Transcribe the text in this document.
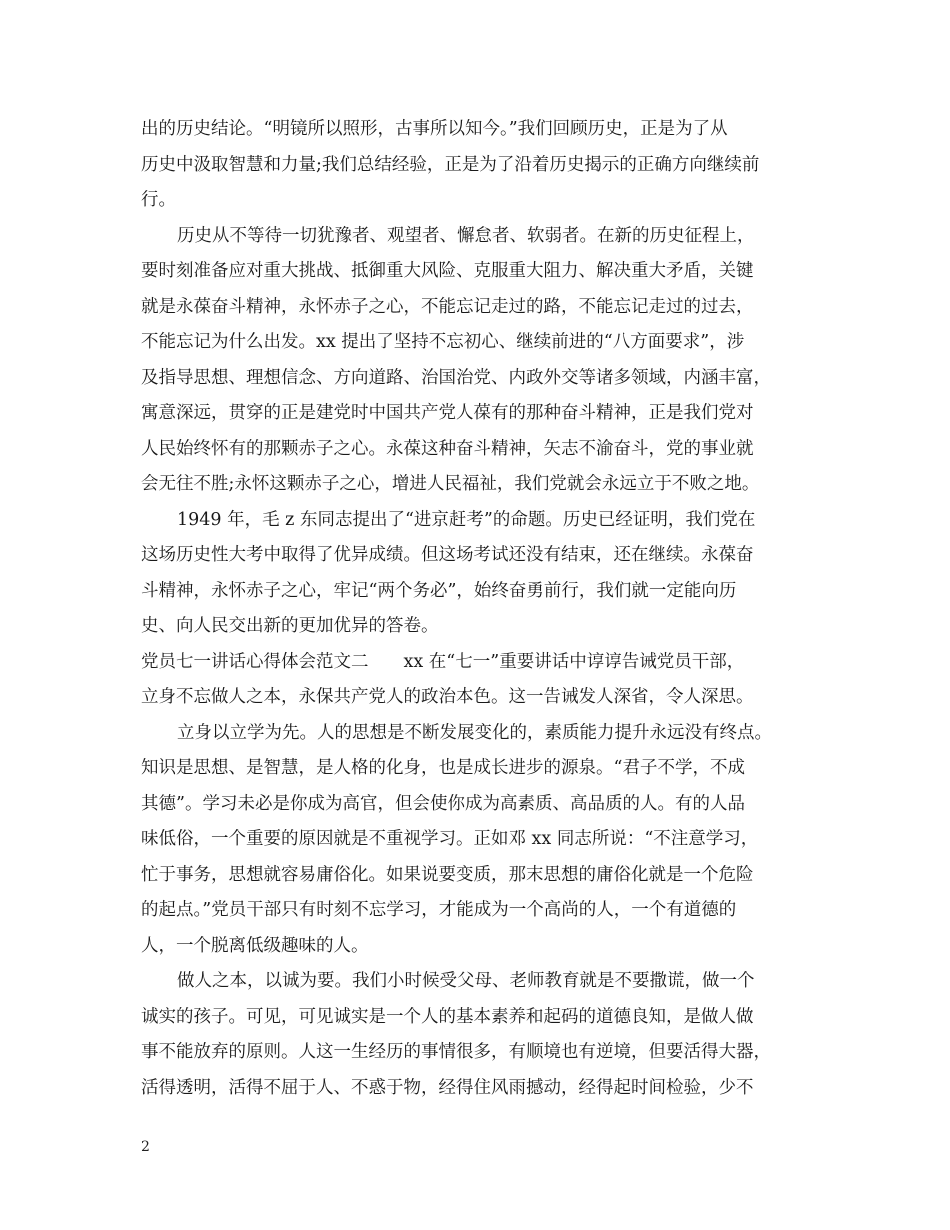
出的历史结论。“明镜所以照形，古事所以知今。”我们回顾历史，正是为了从
历史中汲取智慧和力量;我们总结经验，正是为了沿着历史揭示的正确方向继续前
行。
历史从不等待一切犹豫者、观望者、懈怠者、软弱者。在新的历史征程上，
要时刻准备应对重大挑战、抵御重大风险、克服重大阻力、解决重大矛盾，关键
就是永葆奋斗精神，永怀赤子之心，不能忘记走过的路，不能忘记走过的过去，
不能忘记为什么出发。xx 提出了坚持不忘初心、继续前进的“八方面要求”，涉
及指导思想、理想信念、方向道路、治国治党、内政外交等诸多领域，内涵丰富，
寓意深远，贯穿的正是建党时中国共产党人葆有的那种奋斗精神，正是我们党对
人民始终怀有的那颗赤子之心。永葆这种奋斗精神，矢志不渝奋斗，党的事业就
会无往不胜;永怀这颗赤子之心，增进人民福祉，我们党就会永远立于不败之地。
1949 年，毛 z 东同志提出了“进京赶考”的命题。历史已经证明，我们党在
这场历史性大考中取得了优异成绩。但这场考试还没有结束，还在继续。永葆奋
斗精神，永怀赤子之心，牢记“两个务必”，始终奋勇前行，我们就一定能向历
史、向人民交出新的更加优异的答卷。
党员七一讲话心得体会范文二　　xx 在“七一”重要讲话中谆谆告诫党员干部，
立身不忘做人之本，永保共产党人的政治本色。这一告诫发人深省，令人深思。
立身以立学为先。人的思想是不断发展变化的，素质能力提升永远没有终点。
知识是思想、是智慧，是人格的化身，也是成长进步的源泉。“君子不学，不成
其德”。学习未必是你成为高官，但会使你成为高素质、高品质的人。有的人品
味低俗，一个重要的原因就是不重视学习。正如邓 xx 同志所说：“不注意学习，
忙于事务，思想就容易庸俗化。如果说要变质，那末思想的庸俗化就是一个危险
的起点。”党员干部只有时刻不忘学习，才能成为一个高尚的人，一个有道德的
人，一个脱离低级趣味的人。
做人之本，以诚为要。我们小时候受父母、老师教育就是不要撒谎，做一个
诚实的孩子。可见，可见诚实是一个人的基本素养和起码的道德良知，是做人做
事不能放弃的原则。人这一生经历的事情很多，有顺境也有逆境，但要活得大器，
活得透明，活得不屈于人、不惑于物，经得住风雨撼动，经得起时间检验，少不
2
